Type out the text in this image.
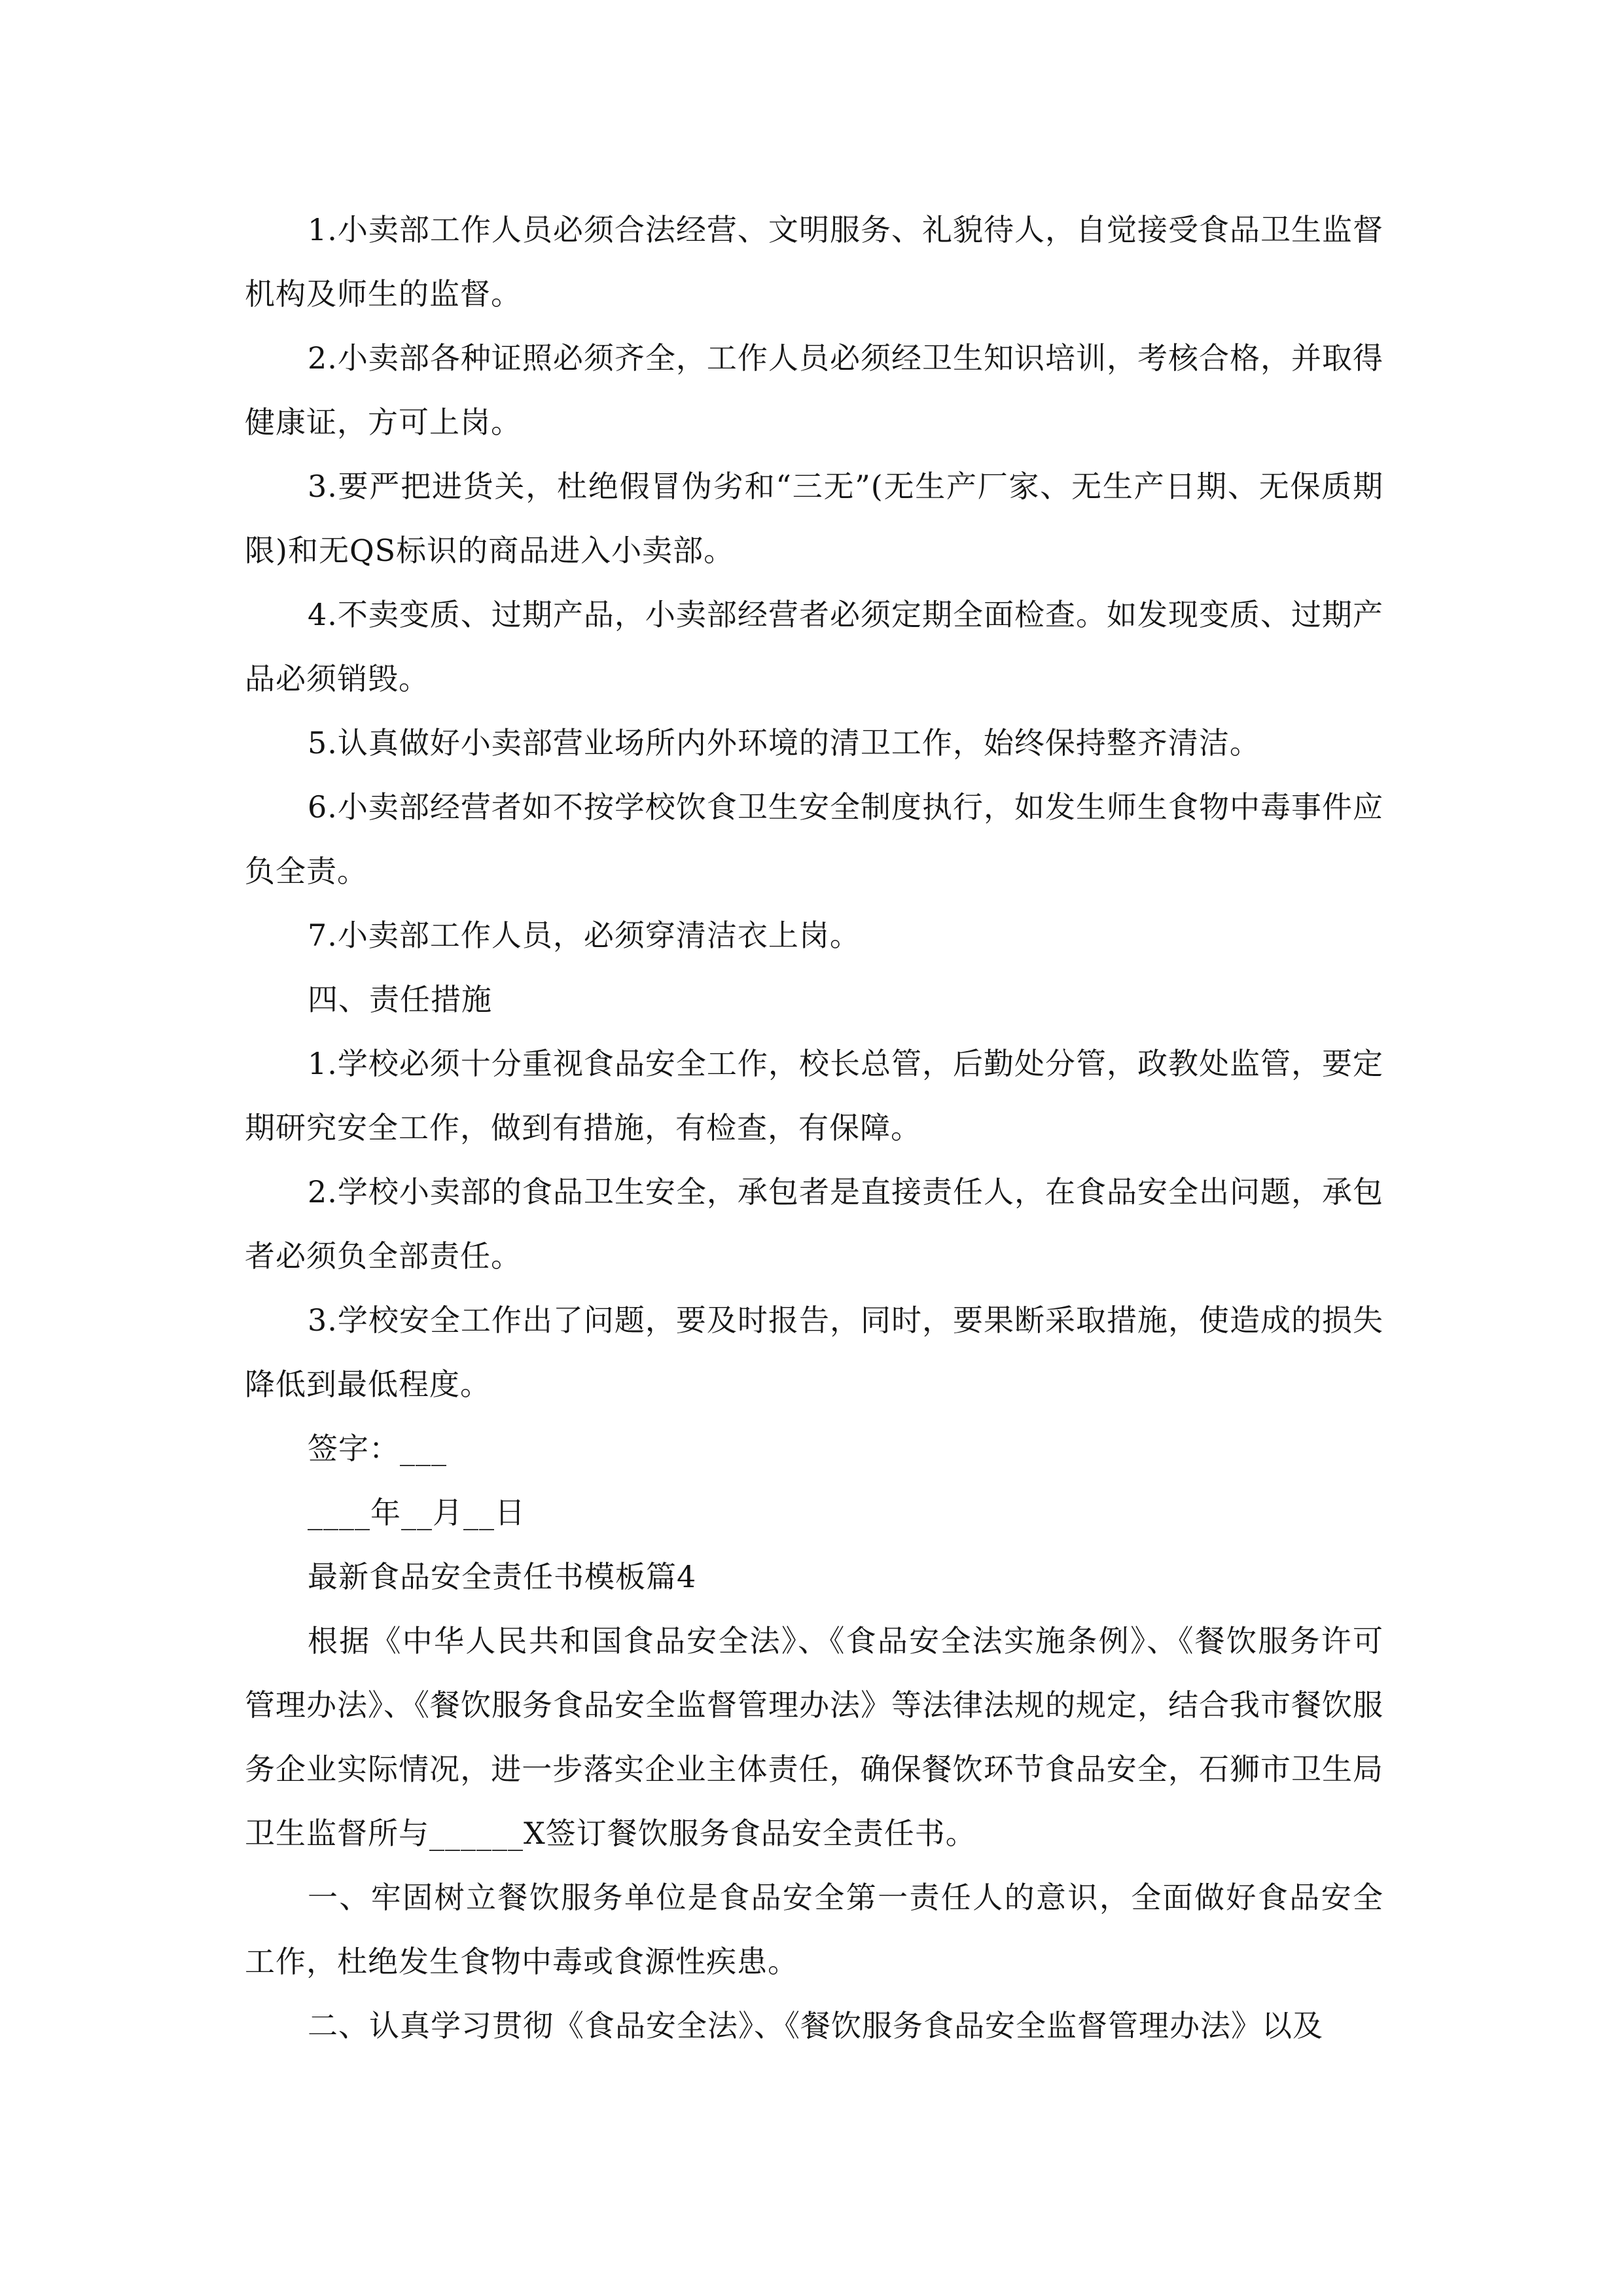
1.小卖部工作人员必须合法经营、文明服务、礼貌待人，自觉接受食品卫生监督机构及师生的监督。

2.小卖部各种证照必须齐全，工作人员必须经卫生知识培训，考核合格，并取得健康证，方可上岗。

3.要严把进货关，杜绝假冒伪劣和“三无”(无生产厂家、无生产日期、无保质期限)和无QS标识的商品进入小卖部。

4.不卖变质、过期产品，小卖部经营者必须定期全面检查。如发现变质、过期产品必须销毁。

5.认真做好小卖部营业场所内外环境的清卫工作，始终保持整齐清洁。

6.小卖部经营者如不按学校饮食卫生安全制度执行，如发生师生食物中毒事件应负全责。

7.小卖部工作人员，必须穿清洁衣上岗。

四、责任措施

1.学校必须十分重视食品安全工作，校长总管，后勤处分管，政教处监管，要定期研究安全工作，做到有措施，有检查，有保障。

2.学校小卖部的食品卫生安全，承包者是直接责任人，在食品安全出问题，承包者必须负全部责任。

3.学校安全工作出了问题，要及时报告，同时，要果断采取措施，使造成的损失降低到最低程度。

签字：___

____年__月__日

最新食品安全责任书模板篇4

根据《中华人民共和国食品安全法》、《食品安全法实施条例》、《餐饮服务许可管理办法》、《餐饮服务食品安全监督管理办法》等法律法规的规定，结合我市餐饮服务企业实际情况，进一步落实企业主体责任，确保餐饮环节食品安全，石狮市卫生局卫生监督所与______X签订餐饮服务食品安全责任书。

一、牢固树立餐饮服务单位是食品安全第一责任人的意识，全面做好食品安全工作，杜绝发生食物中毒或食源性疾患。

二、认真学习贯彻《食品安全法》、《餐饮服务食品安全监督管理办法》以及
